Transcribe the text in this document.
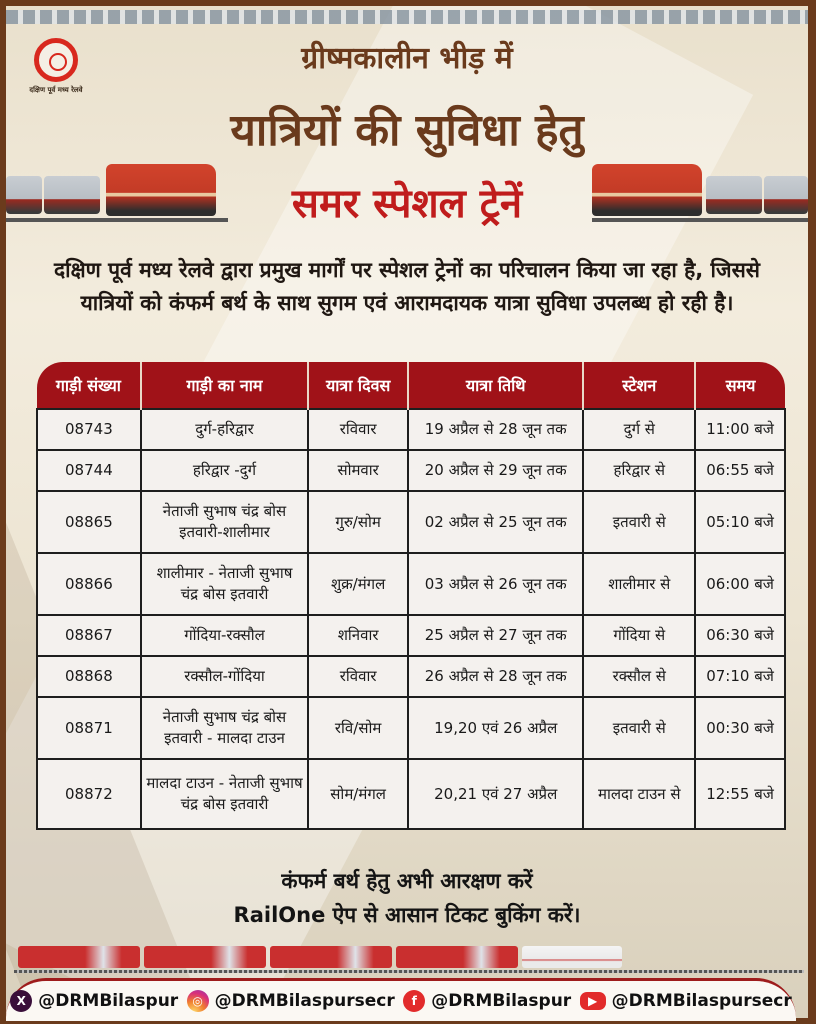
दक्षिण पूर्व मध्य रेलवे
ग्रीष्मकालीन भीड़ में
यात्रियों की सुविधा हेतु
समर स्पेशल ट्रेनें
दक्षिण पूर्व मध्य रेलवे द्वारा प्रमुख मार्गों पर स्पेशल ट्रेनों का परिचालन किया जा रहा है, जिससे यात्रियों को कंफर्म बर्थ के साथ सुगम एवं आरामदायक यात्रा सुविधा उपलब्ध हो रही है।
गाड़ी संख्या	गाड़ी का नाम	यात्रा दिवस	यात्रा तिथि	स्टेशन	समय
08743	दुर्ग-हरिद्वार	रविवार	19 अप्रैल से 28 जून तक	दुर्ग से	11:00 बजे
08744	हरिद्वार -दुर्ग	सोमवार	20 अप्रैल से 29 जून तक	हरिद्वार से	06:55 बजे
08865	नेताजी सुभाष चंद्र बोस इतवारी-शालीमार	गुरु/सोम	02 अप्रैल से 25 जून तक	इतवारी से	05:10 बजे
08866	शालीमार - नेताजी सुभाष चंद्र बोस इतवारी	शुक्र/मंगल	03 अप्रैल से 26 जून तक	शालीमार से	06:00 बजे
08867	गोंदिया-रक्सौल	शनिवार	25 अप्रैल से 27 जून तक	गोंदिया से	06:30 बजे
08868	रक्सौल-गोंदिया	रविवार	26 अप्रैल से 28 जून तक	रक्सौल से	07:10 बजे
08871	नेताजी सुभाष चंद्र बोस इतवारी - मालदा टाउन	रवि/सोम	19,20 एवं 26 अप्रैल	इतवारी से	00:30 बजे
08872	मालदा टाउन - नेताजी सुभाष चंद्र बोस इतवारी	सोम/मंगल	20,21 एवं 27 अप्रैल	मालदा टाउन से	12:55 बजे
कंफर्म बर्थ हेतु अभी आरक्षण करें
RailOne ऐप से आसान टिकट बुकिंग करें।
X @DRMBilaspur	◎ @DRMBilaspursecr	f @DRMBilaspur	▶ @DRMBilaspursecr
